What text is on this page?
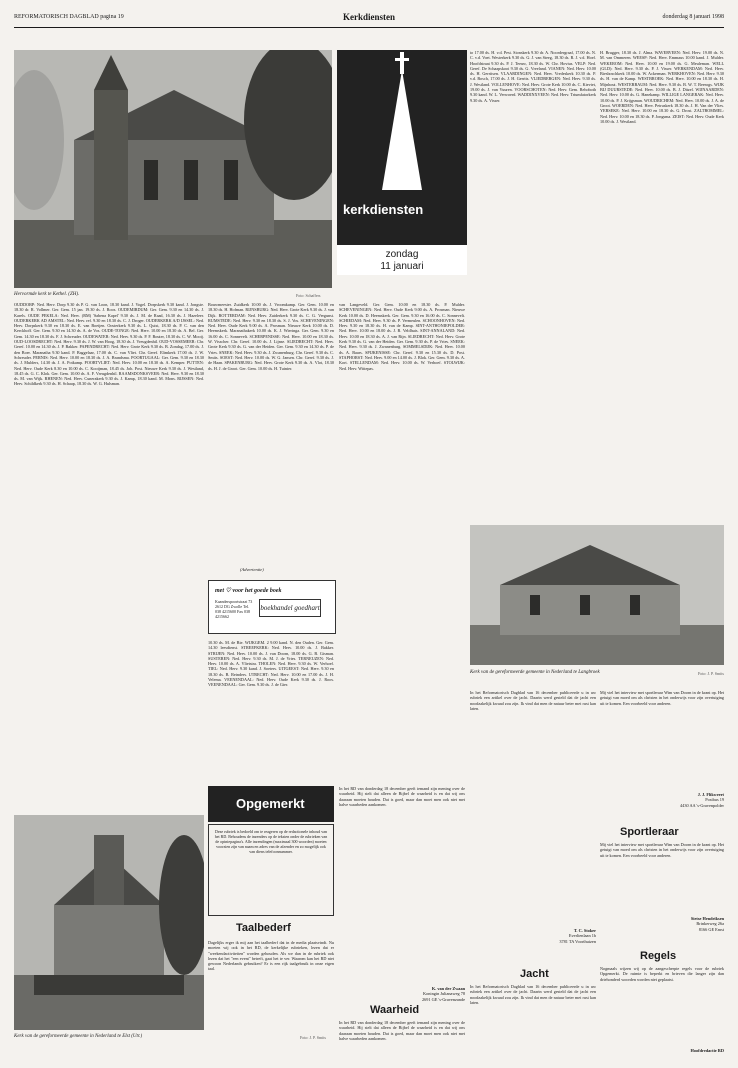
REFORMATORISCH DAGBLAD pagina 19	Kerkdiensten	donderdag 8 januari 1998
Hervormde kerk te Kethel. (ZH).	Foto: Schaffers
kerkdiensten
zondag
11 januari
OUDDORP: Ned. Herv. Dorp 9.30 ds P. G. van Loon, 18.30 kand. J. Vogel. Dorpskerk 9.30 kand. J. Jongste. 18.30 dr. R. Vollmer. Ger. Gem. 15 jan. 19.30 ds. J. Roos. OUDEMIRDUM: Ger. Gem. 9.30 en 14.30 ds. J. Karels. OUDE PEKELA: Ned. Herv. (RM) 'Sabena Kapel' 9.30 ds. J. M. de Raad, 16.30 ds. J. Hazeleer. OUDERKERK AD AMSTEL: Ned. Herv. ref. 9.30 en 18.30 ds. C. J. Droger. OUDERKERK A/D IJSSEL: Ned. Herv. Dorpskerk 9.30 en 18.30 ds. E. van Boeijen. Oosterkerk 9.30 ds. L. Quist, 18.30 ds. P. C. van den Kerckhoff. Ger. Gem. 9.30 en 14.30 ds. A. de Vos. OUDE-TONGE: Ned. Herv. 10.00 en 18.30 ds. A. Bel. Ger. Gem. 14.30 en 18.30 ds. F. J. Schreuder. OUDEWATER: Ned. Herv. 9.30 ds. P. F. Bouter, 18.30 ds. C. W. Mooij. OUD-LOOSDRECHT: Ned. Herv. 9.30 ds. J. W. van Hoog, 18.30 ds. J. Vreugdenhil. OUD-VOSSEMEER: Chr. Geref. 10.00 en 14.30 ds. J. P. Bakker. PAPENDRECHT: Ned. Herv. Grote Kerk 9.30 ds. B. Zondag, 17.00 ds. J. den Boer. Maranatha 9.30 kand. P. Baggelaar, 17.00 ds. C. van Vliet. Chr. Geref. Elimkerk 17.00 ds. J. W. Schreuder. PERNIS: Ned. Herv. 10.00 en 18.30 ds. J. A. Brandsma. POORTUGAAL: Ger. Gem. 9.30 en 18.30 ds. J. Mulders, 14.30 ds. J. A. Potkamp. POORTVLIET: Ned. Herv. 10.00 en 18.30 ds. A. Kemper. PUTTEN: Ned. Herv. Oude Kerk 8.30 en 10.00 ds. C. Kooijman, 18.45 ds. Joh. Post. Nieuwe Kerk 9.30 ds. J. Westland, 18.45 ds. G. C. Klok. Ger. Gem. 10.00 ds. A. F. Vreugdenhil. RAAMSDONKSVEER: Ned. Herv. 9.30 en 18.30 ds. M. van Wijk. RHENEN: Ned. Herv. Cunerakerk 9.30 ds. J. Kamp, 18.30 kand. M. Mons. RIJSSEN: Ned. Herv. Schildkerk 9.30 ds. H. Schaap, 18.30 ds. W. G. Hulsman.
Bouwmeester. Zuidkerk 10.00 ds. J. Vroomkamp. Ger. Gem. 10.00 en 18.30 ds. H. Hofman. RIJNSBURG: Ned. Herv. Grote Kerk 9.30 ds. J. van Dijk. ROTTERDAM: Ned. Herv. Zuiderkerk 9.30 ds. C. G. Vergunst. RUMSTEDE: Ned. Herv. 9.30 en 18.30 ds. S. J. Vos. SCHEVENINGEN: Ned. Herv. Oude Kerk 9.00 ds. A. Prosman. Nieuwe Kerk 10.00 ds. D. Heemskerk. Maranathakerk 10.00 ds. K. J. Wieringa. Ger. Gem. 9.30 en 16.00 ds. C. Sonnevelt. SCHERPENISSE: Ned. Herv. 10.00 en 18.30 ds. W. Visscher. Chr. Geref. 10.00 ds. J. Lijnse. SLIEDRECHT: Ned. Herv. Grote Kerk 9.30 ds. G. van der Heiden. Ger. Gem. 9.30 en 14.30 ds. P. de Vries. SNEEK: Ned. Herv. 9.30 ds. J. Zwanenburg. Chr. Geref. 9.30 ds. C. Smits. SOEST: Ned. Herv. 10.00 ds. W. G. Jansen. Chr. Geref. 9.30 ds. J. de Haan. SPAKENBURG: Ned. Herv. Grote Kerk 9.30 ds. A. Vlot, 18.30 ds. H. J. de Groot. Ger. Gem. 10.00 ds. H. Tuinier.
van Langeveld. Ger. Gem. 10.00 en 18.30 ds. P. Mulder. SCHEVENINGEN: Ned. Herv. Oude Kerk 9.00 ds. A. Prosman. Nieuwe Kerk 10.00 ds. D. Heemskerk. Ger. Gem. 9.30 en 16.00 ds. C. Sonnevelt. SCHIEDAM: Ned. Herv. 9.30 ds. P. Vermeulen. SCHOONHOVEN: Ned. Herv. 9.30 en 18.30 ds. H. van de Kamp. SINT-ANTHONIEPOLDER: Ned. Herv. 10.00 en 18.00 ds. J. B. Veldhuis. SINT-ANNALAND: Ned. Herv. 10.00 en 18.30 ds. A. J. van Rijn. SLIEDRECHT: Ned. Herv. Grote Kerk 9.30 ds. G. van der Heiden. Ger. Gem. 9.30 ds. P. de Vries. SNEEK: Ned. Herv. 9.30 ds. J. Zwanenburg. SOMMELSDIJK: Ned. Herv. 10.00 ds. A. Baars. SPIJKENISSE: Chr. Geref. 9.30 en 15.30 ds. D. Post. STAPHORST: Ned. Herv. 9.00 en 14.00 ds. J. Blok. Ger. Gem. 9.30 ds. A. Kort. STELLENDAM: Ned. Herv. 10.00 ds. W. Verhoef. STOLWIJK: Ned. Herv. Wittepas.
10.30 ds. M. de Bie. WIJKGEM. 2 9.00 kand. N. den Ouden. Ger. Gem. 14.30 leesdienst. STREEFKERK: Ned. Herv. 10.00 ds. J. Bakker. STRIJEN: Ned. Herv. 10.00 ds. J. van Doorn, 18.00 ds. G. B. Gisman. SUSTEREN: Ned. Herv. 9.30 ds. M. J. de Vries. TERNEUZEN: Ned. Herv. 10.00 ds. A. Vlietstra. THOLEN: Ned. Herv. 9.30 ds. W. Verhoef. TIEL: Ned. Herv. 9.30 kand. J. Soeters. UITGEEST: Ned. Herv. 9.30 en 18.30 ds. B. Reinders. UTRECHT: Ned. Herv. 10.00 en 17.00 ds. J. H. Velema. VEENENDAAL: Ned. Herv. Oude Kerk 9.30 ds. J. Roos. VEENENDAAL: Ger. Gem. 9.30 ds. J. de Gier.
to 17.00 ds. H. v.d. Pest. Sionskerk 9.30 dr. A. Noordergraaf, 17.00 ds. N. C. v.d. Voet. Westerkerk 9.30 ds. G. J. van Steeg, 18.30 ds. R. J. v.d. Hoef. Hoofdstraat 9.30 ds. P. J. Teeuw, 18.30 ds. W. Chr. Hovius. VELP: Ned. Geref. De Schaapskooi 9.30 ds. G. Vreeland. VIANEN: Ned. Herv. 10.00 ds. H. Gerritsen. VLAARDINGEN: Ned. Herv. Vredeskerk 10.30 ds. P. v.d. Bosch, 17.00 ds. J. H. Gerrits. VLIEDBERGEN: Ned. Herv. 9.30 ds. J. Westland. VOLLENHOVE: Ned. Herv. Grote Kerk 10.00 ds. C. Kieviet, 19.00 ds. J. van Vuuren. VOORSCHOTEN: Ned. Herv. Gem. Rehoboth 9.30 kand. W. L. Verwoerd. WADDINXVEEN: Ned. Herv. Triumfatorkerk 9.30 ds. A. Visser.
H. Brugger, 18.30 ds. J. Alma. WAVERVEEN: Ned. Herv. 19.00 ds. N. M. van Ommeren. WEESP: Ned. Herv. Emmaus 10.00 kand. J. Mulder. WEKEROM: Ned. Herv. 10.00 en 19.00 ds. G. Meuleman. WELL (GLD): Ned. Herv. 9.30 ds. P. J. Visser. WERKENDAM: Ned. Herv. Biesboschkerk 10.00 ds. W. Ackerman. WERKHOVEN: Ned. Herv. 9.30 ds. H. van de Kamp. WESTBROEK: Ned. Herv. 10.00 en 18.30 ds. H. Mijnhout. WESTERBAUM: Ned. Herv. 9.30 ds. B. W. T. Beerogs. WIJK BIJ DUURSTEDE: Ned. Herv. 10.00 ds. B. J. Ditzel. WIJNAARDEN: Ned. Herv. 10.00 ds. G. Hanekamp. WILLIGE LANGERAK: Ned. Herv. 10.00 ds. P. J. Krijgsman. WOUDRICHEM: Ned. Herv. 10.00 ds. J. A. de Groot. WOERDEN: Ned. Herv. Petruskerk 18.30 ds. J. H. Van der Vlies. YERSEKE: Ned. Herv. 10.00 en 18.30 ds. G. Drost. ZALTBOMMEL: Ned. Herv. 10.00 en 18.30 ds. P. Jongsma. ZEIST: Ned. Herv. Oude Kerk 10.00 ds. J. Westland.
(Advertentie)
met ♡ voor het goede boek
Kaanderspoortstraat 73 2612 DG Zwolle Tel. 038 4215600 Fax 038 4215662
boekhandel goedhart
Kerk van de gereformeerde gemeente in Nederland te Langbroek	Foto: J. P. Smits
Opgemerkt
Deze rubriek is bedoeld om te reageren op de redactionele inhoud van het RD. Behoudens de inzenders op de teksten onder de rubrieken van de opiniepagina's. Alle inzendingen (maximaal 300 woorden) moeten voorzien zijn van naam en adres van de afzender en zo mogelijk ook van diens telefoonnummer.
Taalbederf
Dagelijks erger ik mij aan het taalbederf dat in de media plaatsvindt. Nu moeten wij ook in het RD, de kerkelijke rubrieken, lezen dat er "weekendactiviteiten" worden gehouden. Als we dan in de rubriek ook lezen dat het "een event" betreft, gaat het te ver. Waarom kan het RD niet gewoon Nederlands gebruiken? Er is een rijk taalgebruik in onze eigen taal.
In het RD van donderdag 18 december geeft iemand zijn mening over de waarheid. Hij stelt dat alleen de Bijbel de waarheid is en dat wij ons daaraan moeten houden. Dat is goed, maar dan moet men ook niet met halve waarheden aankomen.
K. van der Zwaan
Koningin Julianaweg 78
2691 GE 's-Gravenzande
Waarheid
In het RD van donderdag 18 december geeft iemand zijn mening over de waarheid. Hij stelt dat alleen de Bijbel de waarheid is en dat wij ons daaraan moeten houden. Dat is goed, maar dan moet men ook niet met halve waarheden aankomen.
In het Reformatorisch Dagblad van 16 december publiceerde u in uw rubriek een artikel over de jacht. Daarin werd gesteld dat de jacht een noodzakelijk kwaad zou zijn. Ik vind dat men de natuur beter met rust kan laten.
T. C. Stoker
Everlienlaan 1b
3781 TA Voorthuizen
Jacht
In het Reformatorisch Dagblad van 16 december publiceerde u in uw rubriek een artikel over de jacht. Daarin werd gesteld dat de jacht een noodzakelijk kwaad zou zijn. Ik vind dat men de natuur beter met rust kan laten.
Mij viel het interview met sportleraar Wim van Doorn in de krant op. Het getuigt van moed om als christen in het onderwijs voor zijn overtuiging uit te komen. Een voorbeeld voor anderen.
J. J. Flikweert
Postbus 19
4430 AA 's-Gravenpolder
Sportleraar
Mij viel het interview met sportleraar Wim van Doorn in de krant op. Het getuigt van moed om als christen in het onderwijs voor zijn overtuiging uit te komen. Een voorbeeld voor anderen.
Sietse Hendriksen
Brinkerweg 26a
8166 GE Emst
Regels
Nogmaals wijzen wij op de aangescherpte regels voor de rubriek Opgemerkt. De ruimte is beperkt en brieven die langer zijn dan driehonderd woorden worden niet geplaatst.
Hoofdredactie RD
Kerk van de gereformeerde gemeente in Nederland te Elst (Utr.)	Foto: J. P. Smits
